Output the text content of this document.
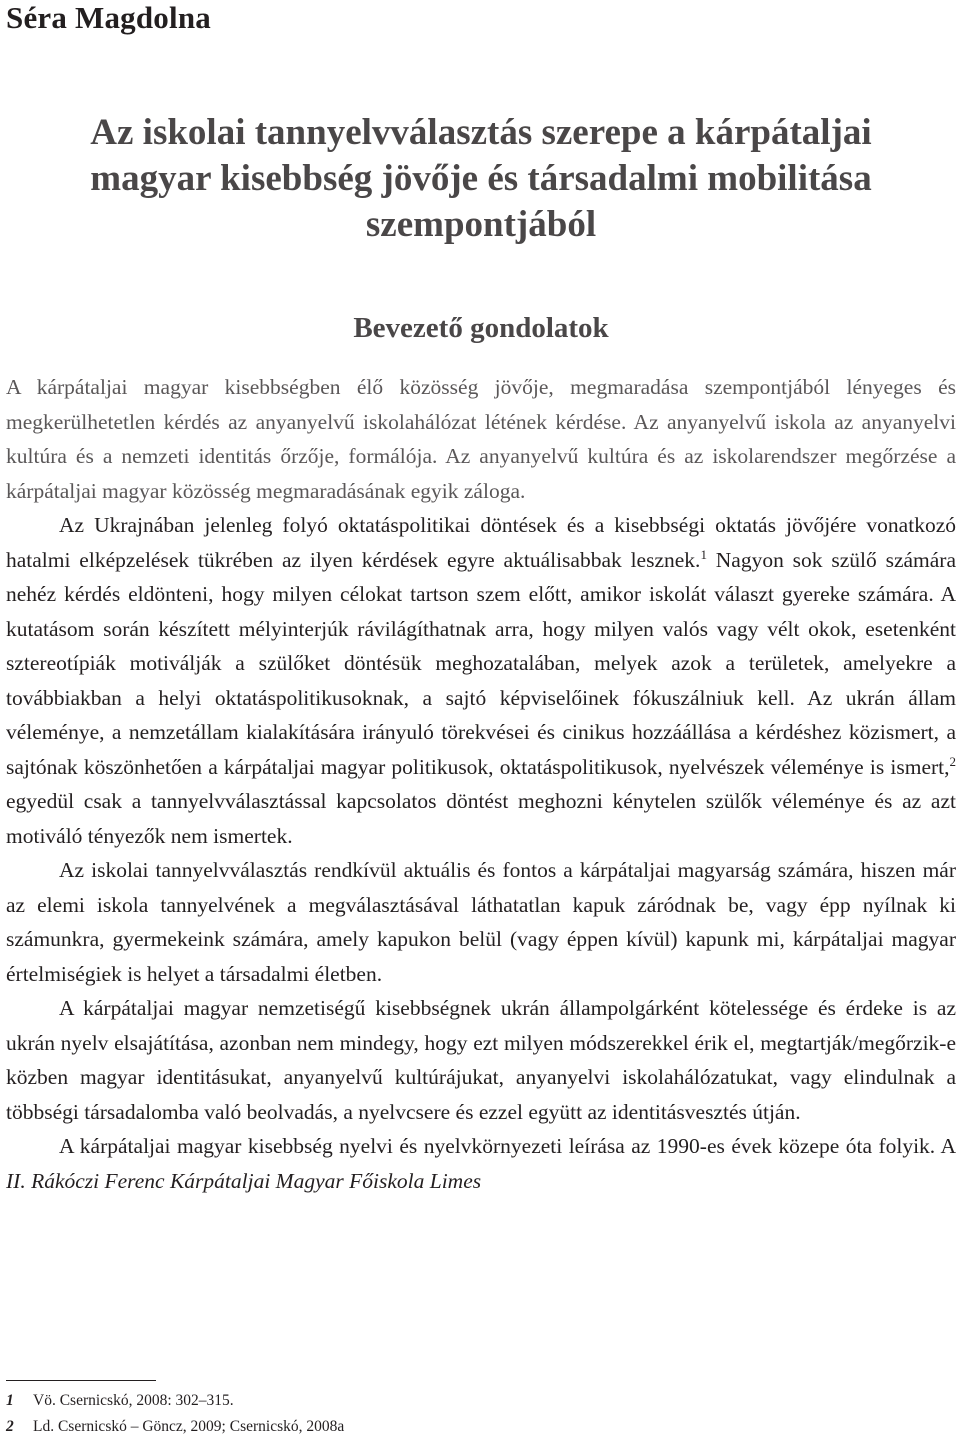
Séra Magdolna
Az iskolai tannyelvválasztás szerepe a kárpátaljai
magyar kisebbség jövője és társadalmi mobilitása
szempontjából
Bevezető gondolatok

A kárpátaljai magyar kisebbségben élő közösség jövője, megmaradása szempontjából lényeges és megkerülhetetlen kérdés az anyanyelvű iskolahálózat létének kérdése. Az anyanyelvű iskola az anyanyelvi kultúra és a nemzeti identitás őrzője, formálója. Az anyanyelvű kultúra és az iskolarendszer megőrzése a kárpátaljai magyar közösség megmaradásának egyik záloga.

Az Ukrajnában jelenleg folyó oktatáspolitikai döntések és a kisebbségi oktatás jövőjére vonatkozó hatalmi elképzelések tükrében az ilyen kérdések egyre aktuálisabbak lesznek.$^1$ Nagyon sok szülő számára nehéz kérdés eldönteni, hogy milyen célokat tartson szem előtt, amikor iskolát választ gyereke számára. A kutatásom során készített mélyinterjúk rávilágíthatnak arra, hogy milyen valós vagy vélt okok, esetenként sztereotípiák motiválják a szülőket döntésük meghozatalában, melyek azok a területek, amelyekre a továbbiakban a helyi oktatáspolitikusoknak, a sajtó képviselőinek fókuszálniuk kell. Az ukrán állam véleménye, a nemzetállam kialakítására irányuló törekvései és cinikus hozzáállása a kérdéshez közismert, a sajtónak köszönhetően a kárpátaljai magyar politikusok, oktatáspolitikusok, nyelvészek véleménye is ismert,$^2$ egyedül csak a tannyelvválasztással kapcsolatos döntést meghozni kénytelen szülők véleménye és az azt motiváló tényezők nem ismertek.

Az iskolai tannyelvválasztás rendkívül aktuális és fontos a kárpátaljai magyarság számára, hiszen már az elemi iskola tannyelvének a megválasztásával láthatatlan kapuk záródnak be, vagy épp nyílnak ki számunkra, gyermekeink számára, amely kapukon belül (vagy éppen kívül) kapunk mi, kárpátaljai magyar értelmiségiek is helyet a társadalmi életben.

A kárpátaljai magyar nemzetiségű kisebbségnek ukrán állampolgárként kötelessége és érdeke is az ukrán nyelv elsajátítása, azonban nem mindegy, hogy ezt milyen módszerekkel érik el, megtartják/megőrzik-e közben magyar identitásukat, anyanyelvű kultúrájukat, anyanyelvi iskolahálózatukat, vagy elindulnak a többségi társadalomba való beolvadás, a nyelvcsere és ezzel együtt az identitásvesztés útján.

A kárpátaljai magyar kisebbség nyelvi és nyelvkörnyezeti leírása az 1990-es évek közepe óta folyik. A II. Rákóczi Ferenc Kárpátaljai Magyar Főiskola Limes

1 Vö. Csernicskó, 2008: 302–315.

2 Ld. Csernicskó – Göncz, 2009; Csernicskó, 2008a
